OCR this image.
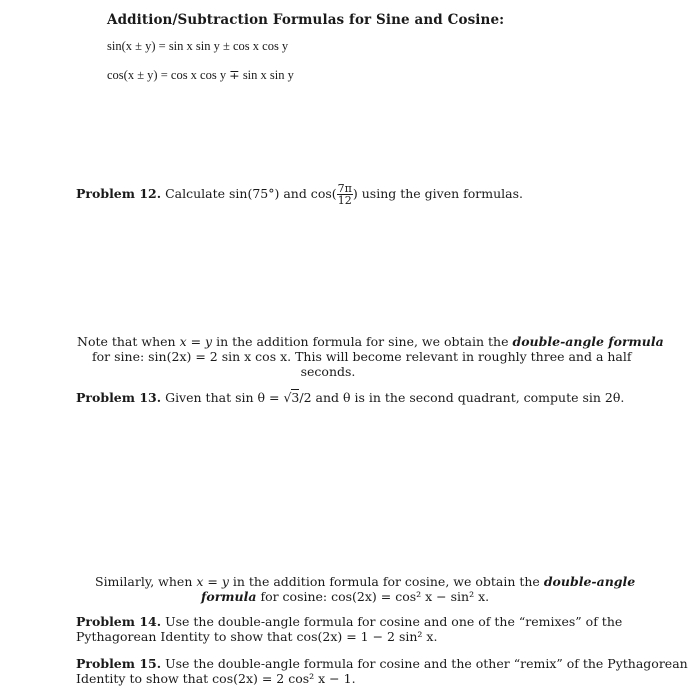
Addition/Subtraction Formulas for Sine and Cosine:
sin(x ± y) = sin x sin y ± cos x cos y
cos(x ± y) = cos x cos y ∓ sin x sin y
Problem 12. Calculate sin(75°) and $\cos( \frac{7\pi}{12}$ ) using the given formulas.
Note that when x = y in the addition formula for sine, we obtain the double-angle formula
for sine: sin(2x) = 2 sin x cos x. This will become relevant in roughly three and a half
seconds.
Problem 13. Given that sin θ = √3/2 and θ is in the second quadrant, compute sin 2θ.
Similarly, when x = y in the addition formula for cosine, we obtain the double-angle
formula for cosine: cos(2x) = cos² x − sin² x.
Problem 14. Use the double-angle formula for cosine and one of the “remixes” of the
Pythagorean Identity to show that cos(2x) = 1 − 2 sin² x.
Problem 15. Use the double-angle formula for cosine and the other “remix” of the Pythagorean
Identity to show that cos(2x) = 2 cos² x − 1.
